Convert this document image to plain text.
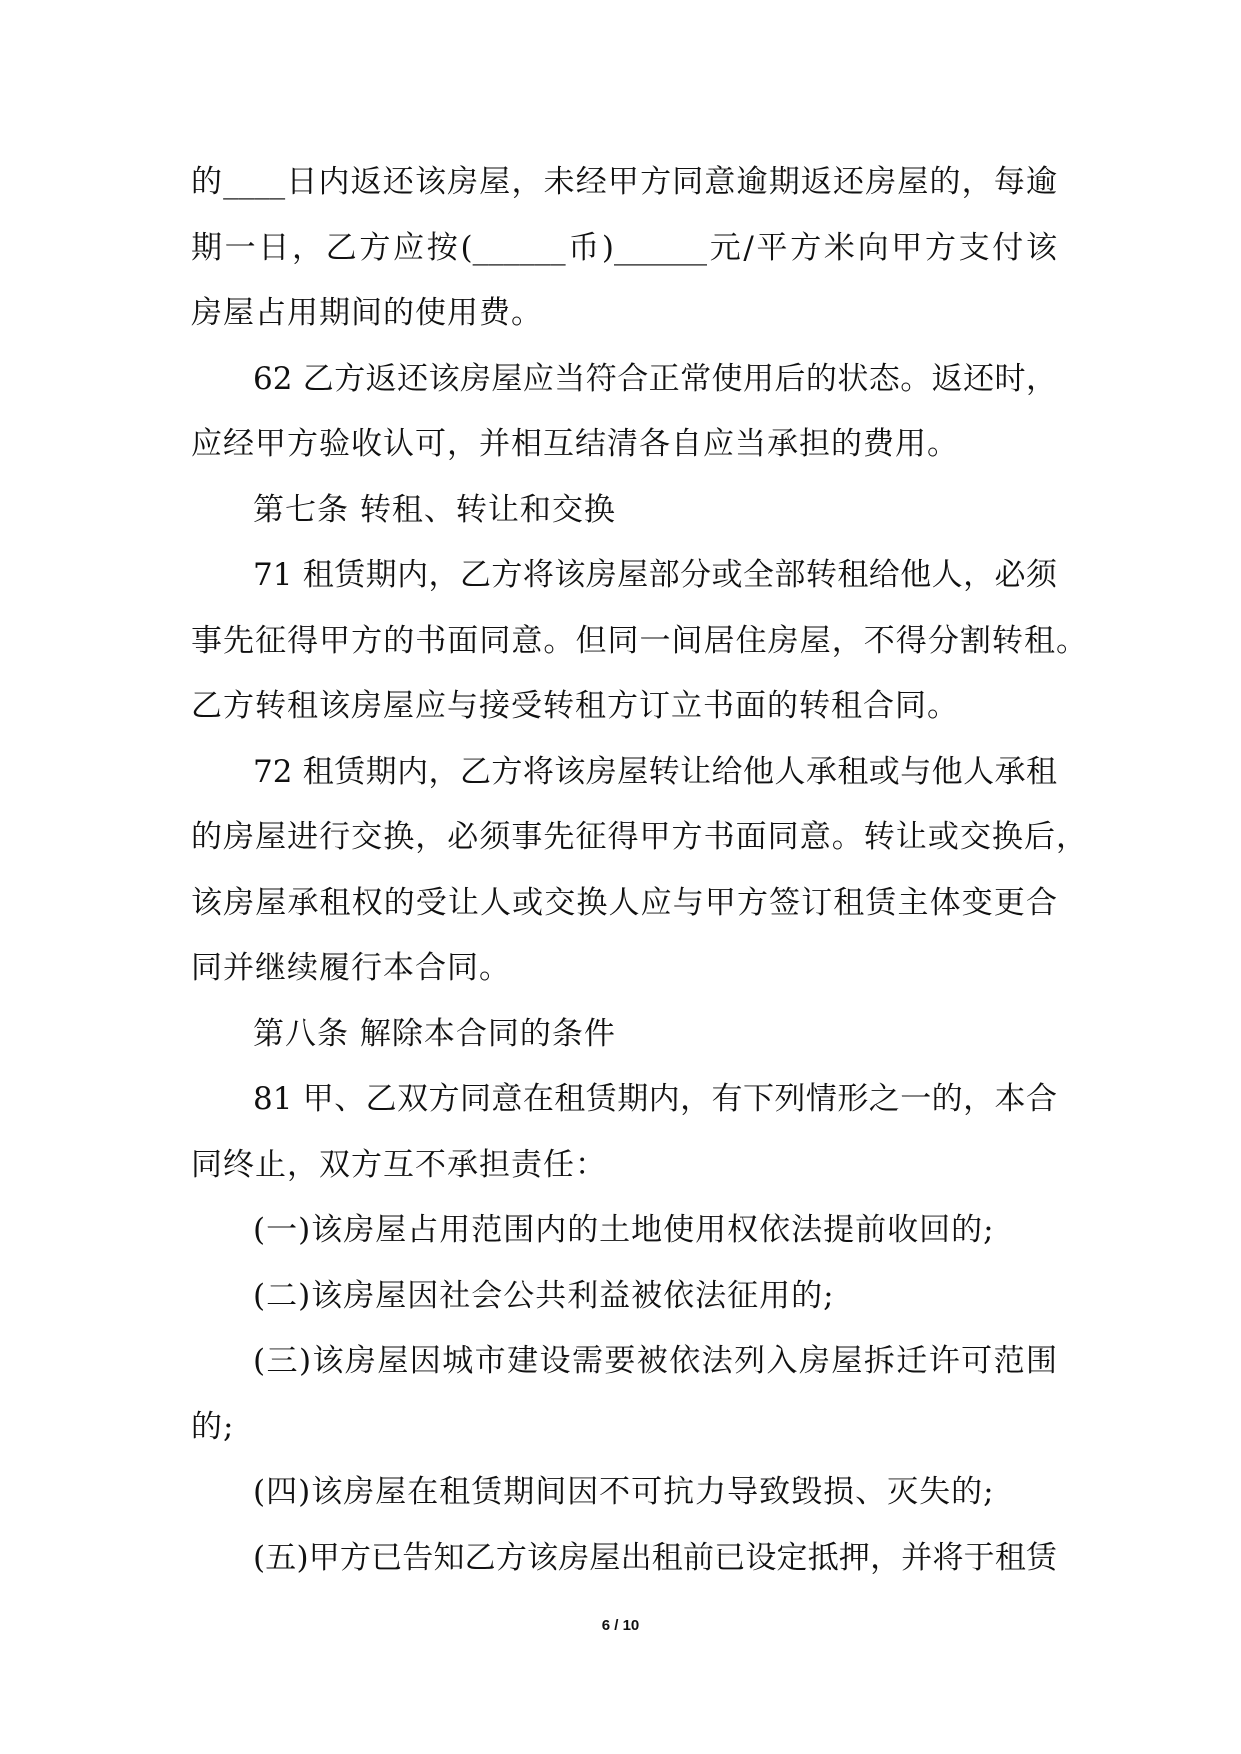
的____日内返还该房屋，未经甲方同意逾期返还房屋的，每逾
期一日，乙方应按(______币)______元/平方米向甲方支付该
房屋占用期间的使用费。
62 乙方返还该房屋应当符合正常使用后的状态。返还时，
应经甲方验收认可，并相互结清各自应当承担的费用。
第七条 转租、转让和交换
71 租赁期内，乙方将该房屋部分或全部转租给他人，必须
事先征得甲方的书面同意。但同一间居住房屋，不得分割转租。
乙方转租该房屋应与接受转租方订立书面的转租合同。
72 租赁期内，乙方将该房屋转让给他人承租或与他人承租
的房屋进行交换，必须事先征得甲方书面同意。转让或交换后，
该房屋承租权的受让人或交换人应与甲方签订租赁主体变更合
同并继续履行本合同。
第八条 解除本合同的条件
81 甲、乙双方同意在租赁期内，有下列情形之一的，本合
同终止，双方互不承担责任：
(一)该房屋占用范围内的土地使用权依法提前收回的;
(二)该房屋因社会公共利益被依法征用的;
(三)该房屋因城市建设需要被依法列入房屋拆迁许可范围
的;
(四)该房屋在租赁期间因不可抗力导致毁损、灭失的;
(五)甲方已告知乙方该房屋出租前已设定抵押，并将于租赁
6 / 10
